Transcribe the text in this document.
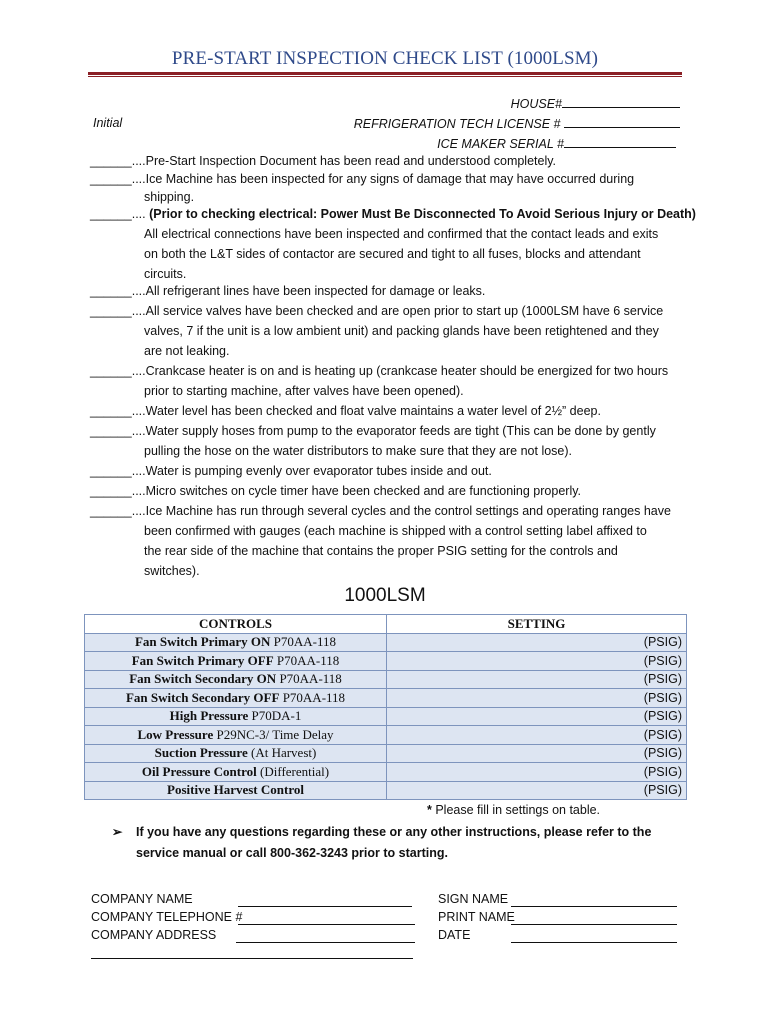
PRE-START INSPECTION CHECK LIST (1000LSM)
HOUSE#
Initial	REFRIGERATION TECH LICENSE #
ICE MAKER SERIAL #
______....Pre-Start Inspection Document has been read and understood completely.
______....Ice Machine has been inspected for any signs of damage that may have occurred during
shipping.
______.... (Prior to checking electrical: Power Must Be Disconnected To Avoid Serious Injury or Death)
All electrical connections have been inspected and confirmed that the contact leads and exits
on both the L&T sides of contactor are secured and tight to all fuses, blocks and attendant
circuits.
______....All refrigerant lines have been inspected for damage or leaks.
______....All service valves have been checked and are open prior to start up (1000LSM have 6 service
valves, 7 if the unit is a low ambient unit) and packing glands have been retightened and they
are not leaking.
______....Crankcase heater is on and is heating up (crankcase heater should be energized for two hours
prior to starting machine, after valves have been opened).
______....Water level has been checked and float valve maintains a water level of 2½” deep.
______....Water supply hoses from pump to the evaporator feeds are tight (This can be done by gently
pulling the hose on the water distributors to make sure that they are not lose).
______....Water is pumping evenly over evaporator tubes inside and out.
______....Micro switches on cycle timer have been checked and are functioning properly.
______....Ice Machine has run through several cycles and the control settings and operating ranges have
been confirmed with gauges (each machine is shipped with a control setting label affixed to
the rear side of the machine that contains the proper PSIG setting for the controls and
switches).
1000LSM
CONTROLS	SETTING
Fan Switch Primary ON P70AA-118	(PSIG)
Fan Switch Primary OFF P70AA-118	(PSIG)
Fan Switch Secondary ON P70AA-118	(PSIG)
Fan Switch Secondary OFF P70AA-118	(PSIG)
High Pressure P70DA-1	(PSIG)
Low Pressure P29NC-3/ Time Delay	(PSIG)
Suction Pressure (At Harvest)	(PSIG)
Oil Pressure Control (Differential)	(PSIG)
Positive Harvest Control	(PSIG)
* Please fill in settings on table.
➢	If you have any questions regarding these or any other instructions, please refer to the service manual or call 800-362-3243 prior to starting.
COMPANY NAME
COMPANY TELEPHONE #
COMPANY ADDRESS
SIGN NAME
PRINT NAME
DATE
